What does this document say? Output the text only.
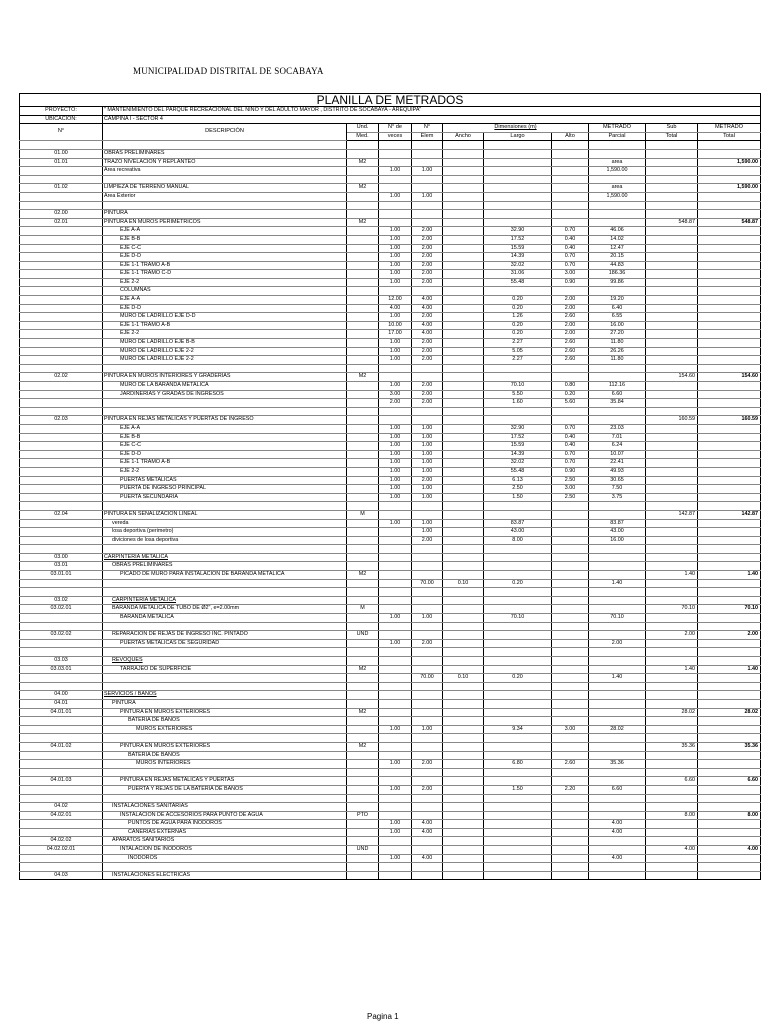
MUNICIPALIDAD DISTRITAL DE SOCABAYA
PLANILLA DE METRADOS										
PROYECTO:	" MANTENIMIENTO DEL PARQUE RECREACIONAL DEL NIÑO Y DEL ADULTO MAYOR , DISTRITO DE SOCABAYA - AREQUIPA"									
UBICACIÓN:	CAMPIÑA I - SECTOR 4									
N°	DESCRIPCIÓN	Und.	N° de	N°	Dimensiones (m)			METRADO	Sub	METRADO
		Med.	veces	Elem	Ancho	Largo	Alto	Parcial	Total	Total

01.00	OBRAS PRELIMINARES									
01.01	TRAZO NIVELACION Y REPLANTEO	M2						area		1,590.00
	Area recreativa		1.00	1.00				1,590.00		

01.02	LIMPIEZA DE TERRENO MANUAL	M2						area		1,590.00
	Area Exterior		1.00	1.00				1,590.00		

02.00	PINTURA									
02.01	PINTURA EN MUROS PERIMETRICOS	M2							548.87	548.87
	EJE A-A		1.00	2.00		32.90	0.70	46.06		
	EJE B-B		1.00	2.00		17.52	0.40	14.02		
	EJE C-C		1.00	2.00		15.59	0.40	12.47		
	EJE D-D		1.00	2.00		14.39	0.70	20.15		
	EJE 1-1 TRAMO A-B		1.00	2.00		32.02	0.70	44.83		
	EJE 1-1 TRAMO C-D		1.00	2.00		31.06	3.00	186.36		
	EJE 2-2		1.00	2.00		55.48	0.90	99.86		
	COLUMNAS									
	EJE A-A		12.00	4.00		0.20	2.00	19.20		
	EJE D-D		4.00	4.00		0.20	2.00	6.40		
	MURO DE LADRILLO EJE D-D		1.00	2.00		1.26	2.60	6.55		
	EJE 1-1 TRAMO A-B		10.00	4.00		0.20	2.00	16.00		
	EJE 2-2		17.00	4.00		0.20	2.00	27.20		
	MURO DE LADRILLO EJE B-B		1.00	2.00		2.27	2.60	11.80		
	MURO DE LADRILLO EJE 2-2		1.00	2.00		5.05	2.60	26.26		
	MURO DE LADRILLO EJE 2-2		1.00	2.00		2.27	2.60	11.80		

02.02	PINTURA EN MUROS INTERIORES Y GRADERIAS	M2							154.60	154.60
	MURO DE LA BARANDA METALICA		1.00	2.00		70.10	0.80	112.16		
	JARDINERIAS Y GRADAS DE INGRESOS		3.00	2.00		5.50	0.20	6.60		
			2.00	2.00		1.60	5.60	35.84		

02.03	PINTURA EN REJAS METALICAS Y PUERTAS DE INGRESO								160.59	160.59
	EJE A-A		1.00	1.00		32.90	0.70	23.03		
	EJE B-B		1.00	1.00		17.52	0.40	7.01		
	EJE C-C		1.00	1.00		15.59	0.40	6.24		
	EJE D-D		1.00	1.00		14.39	0.70	10.07		
	EJE 1-1 TRAMO A-B		1.00	1.00		32.02	0.70	22.41		
	EJE 2-2		1.00	1.00		55.48	0.90	49.93		
	PUERTAS METALICAS		1.00	2.00		6.13	2.50	30.65		
	PUERTA DE INGRESO PRINCIPAL		1.00	1.00		2.50	3.00	7.50		
	PUERTA SECUNDARIA		1.00	1.00		1.50	2.50	3.75		

02.04	PINTURA EN SEÑALIZACION LINEAL	M							142.87	142.87
	vereda		1.00	1.00		83.87		83.87		
	losa deportiva (perimetro)			1.00		43.00		43.00		
	diviciones de losa deportiva			2.00		8.00		16.00		

03.00	CARPINTERIA METALICA									
03.01	OBRAS PRELIMINARES									
03.01.01	PICADO DE MURO PARA INSTALACION DE BARANDA METALICA	M2							1.40	1.40
				70.00	0.10	0.20		1.40		

03.02	CARPINTERIA METALICA									
03.02.01	BARANDA METALICA DE TUBO DE Ø2", e=2.00mm	M							70.10	70.10
	BARANDA METALICA		1.00	1.00		70.10		70.10		

03.02.02	REPARACION DE REJAS DE INGRESO INC. PINTADO	UND							2.00	2.00
	PUERTAS METALICAS DE SEGURIDAD		1.00	2.00				2.00		

03.03	REVOQUES									
03.03.01	TARRAJEO DE SUPERFICIE	M2							1.40	1.40
				70.00	0.10	0.20		1.40		

04.00	SERVICIOS / BAÑOS									
04.01	PINTURA									
04.01.01	PINTURA EN MUROS EXTERIORES	M2							28.02	28.02
	BATERIA DE BAÑOS									
	MUROS EXTERIORES		1.00	1.00		9.34	3.00	28.02		

04.01.02	PINTURA EN MUROS EXTERIORES	M2							35.36	35.36
	BATERIA DE BAÑOS									
	MUROS INTERIORES		1.00	2.00		6.80	2.60	35.36		

04.01.03	PINTURA EN REJAS METALICAS Y PUERTAS								6.60	6.60
	PUERTA Y REJAS DE LA BATERIA DE BAÑOS		1.00	2.00		1.50	2.20	6.60		

04.02	INSTALACIONES SANITARIAS									
04.02.01	INSTALACION DE ACCESORIOS PARA PUNTO DE AGUA	PTO							8.00	8.00
	PUNTOS DE AGUA PARA INODOROS		1.00	4.00				4.00		
	CANERIAS EXTERNAS		1.00	4.00				4.00		
04.02.02	APARATOS SANITARIOS									
04.02.02.01	INTALACION DE INODOROS	UND							4.00	4.00
	INODOROS		1.00	4.00				4.00		

04.03	INSTALACIONES ELECTRICAS									
Pagina 1
